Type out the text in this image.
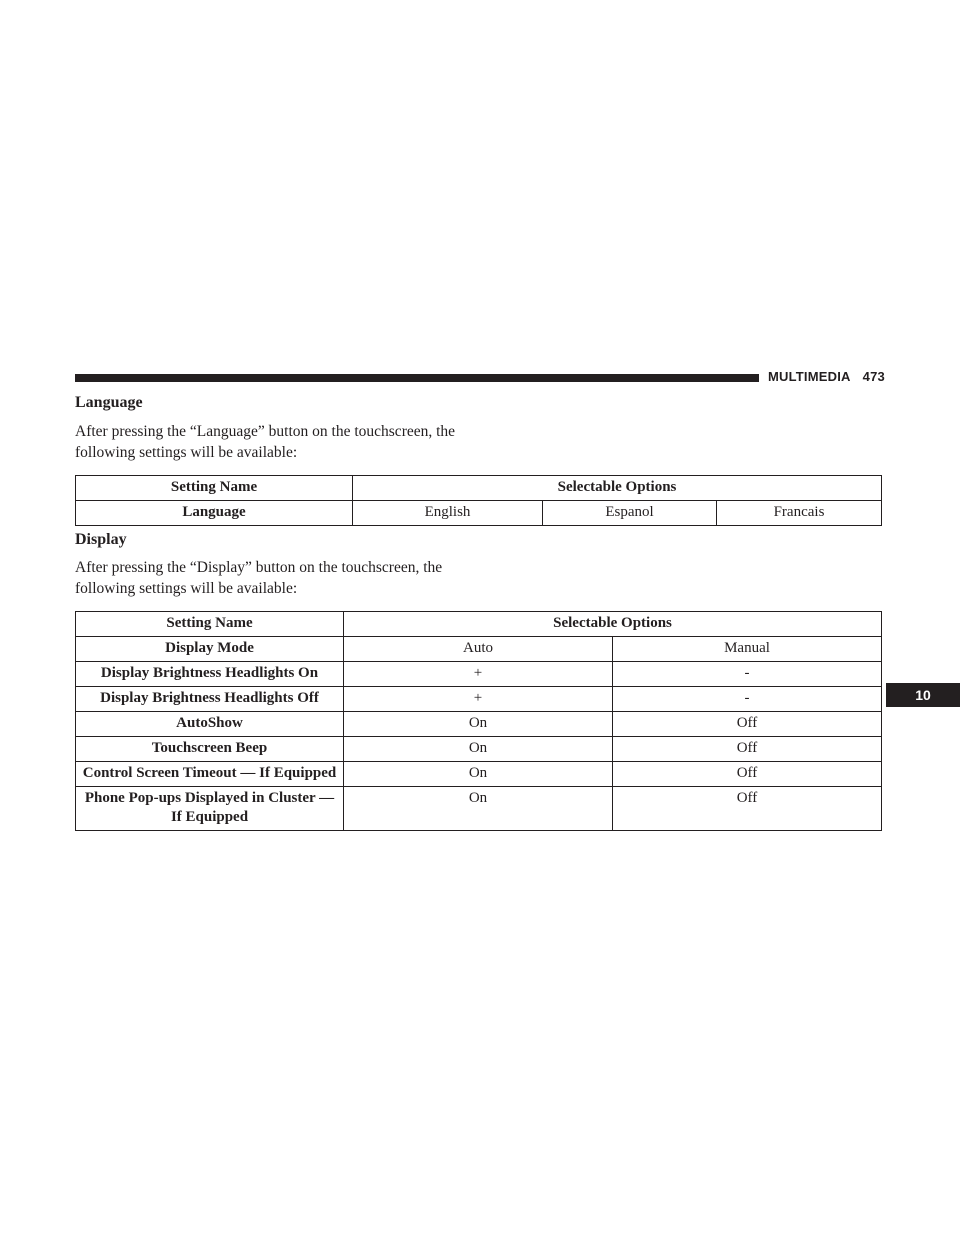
MULTIMEDIA 473
10
Language

After pressing the “Language” button on the touchscreen, the following settings will be available:

Setting Name	Selectable Options		
Language	English	Espanol	Francais
Display

After pressing the “Display” button on the touchscreen, the following settings will be available:

Setting Name	Selectable Options	
Display Mode	Auto	Manual
Display Brightness Headlights On	+	-
Display Brightness Headlights Off	+	-
AutoShow	On	Off
Touchscreen Beep	On	Off
Control Screen Timeout — If Equipped	On	Off
Phone Pop-ups Displayed in Cluster — If Equipped	On	Off
